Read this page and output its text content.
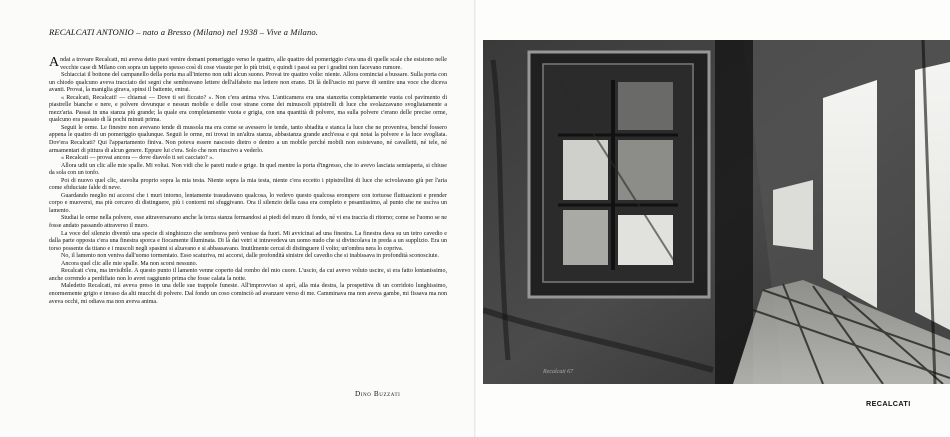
RECALCATI ANTONIO – nato a Bresso (Milano) nel 1938 – Vive a Milano.

Andai a trovare Recalcati, mi aveva detto puoi venire domani pomeriggio verso le quattro, alle quattro del pomeriggio c'era una di quelle scale che esistono nelle vecchie case di Milano con sopra un tappeto spesso così di cose vissute per lo più tristi, e quindi i passi su per i gradini non facevano rumore.

Schiacciai il bottone del campanello della porta ma all'interno non udii alcun suono. Provai tre quattro volte: niente. Allora cominciai a bussare. Sulla porta con un chiodo qualcuno aveva tracciato dei segni che sembravano lettere dell'alfabeto ma lettere non erano. Di là dell'uscio mi parve di sentire una voce che diceva avanti. Provai, la maniglia girava, spinsi il battente, entrai.

« Recalcati, Recalcati! — chiamai — Dove ti sei ficcato? ». Non c'era anima viva. L'anticamera era una stanzetta completamente vuota col pavimento di piastrelle bianche e nere, e polvere dovunque e nessun mobile e delle cose strane come dei minuscoli pipistrelli di luce che svolazzavano svogliatamente a mezz'aria. Passai in una stanza più grande; la quale era completamente vuota e grigia, con una quantità di polvere, ma sulla polvere c'erano delle precise orme, qualcuno era passato di là pochi minuti prima.

Seguii le orme. Le finestre non avevano tende di mussola ma era come se avessero le tende, tanto sbiadita e stanca la luce che ne proveniva, benché fossero appena le quattro di un pomeriggio qualunque. Seguii le orme, mi trovai in un'altra stanza, abbastanza grande anch'essa e qui notai la polvere e la luce svogliata. Dov'era Recalcati? Qui l'appartamento finiva. Non poteva essere nascosto dietro o dentro a un mobile perché mobili non esistevano, né cavalletti, né tele, né armamentari di pittura di alcun genere. Eppure lui c'era. Solo che non riuscivo a vederlo.

« Recalcati — provai ancora — dove diavolo ti sei cacciato? ».

Allora udii un clic alle mie spalle. Mi voltai. Non vidi che le pareti nude e grige. In quel mentre la porta d'ingresso, che io avevo lasciata semiaperta, si chiuse da sola con un tonfo.

Poi di nuovo quel clic, stavolta proprio sopra la mia testa. Niente sopra la mia testa, niente c'era eccetto i pipistrellini di luce che scivolavano giù per l'aria come sfiduciate falde di neve.

Guardando meglio mi accorsi che i muri intorno, lentamente trasudavano qualcosa, lo vedevo questo qualcosa erompere con tortuose fluttuazioni e prender corpo e muoversi, ma più cercavo di distinguere, più i contorni mi sfuggivano. Ora il silenzio della casa era completo e pesantissimo, al punto che ne uscìva un lamento.

Studiai le orme nella polvere, esse attraversavano anche la terza stanza fermandosi ai piedi del muro di fondo, né vi era traccia di ritorno; come se l'uomo se ne fosse andato passando attraverso il muro.

La voce del silenzio diventò una specie di singhiozzo che sembrava però venisse da fuori. Mi avvicinai ad una finestra. La finestra dava su un tetro cavedio e dalla parte opposta c'era una finestra sporca e fiocamente illuminata. Di là dai vetri si intravedeva un uomo nudo che si divincolava in preda a un supplizio. Era un torso possente da titano e i muscoli negli spasimi si alzavano e si abbassavano. Inutilmente cercai di distinguere il volto; un'ombra nera lo copriva.

No, il lamento non veniva dall'uomo tormentato. Esso scaturiva, mi accorsi, dalle profondità sinistre del cavedio che si inabissava in profondità sconosciute.

Ancora quel clic alle mie spalle. Ma non scorsi nessuno.

Recalcati c'era, ma invisibile. A questo punto il lamento venne coperto dal rombo del mio cuore. L'uscio, da cui avevo voluto uscire, si era fatto lontanissimo, anche correndo a perdifiato non lo avrei raggiunto prima che fosse calata la notte.

Maledetto Recalcati, mi aveva preso in una delle sue trappole funeste. All'improvviso si aprì, alla mia destra, la prospettiva di un corridoio lunghissimo, enormemente grigio e invaso da alti mucchi di polvere. Dal fondo un coso cominciò ad avanzare verso di me. Camminava ma non aveva gambe, mi fissava ma non aveva occhi, mi odiava ma non aveva anima.

Dino Buzzati
Recalcati 67
RECALCATI
